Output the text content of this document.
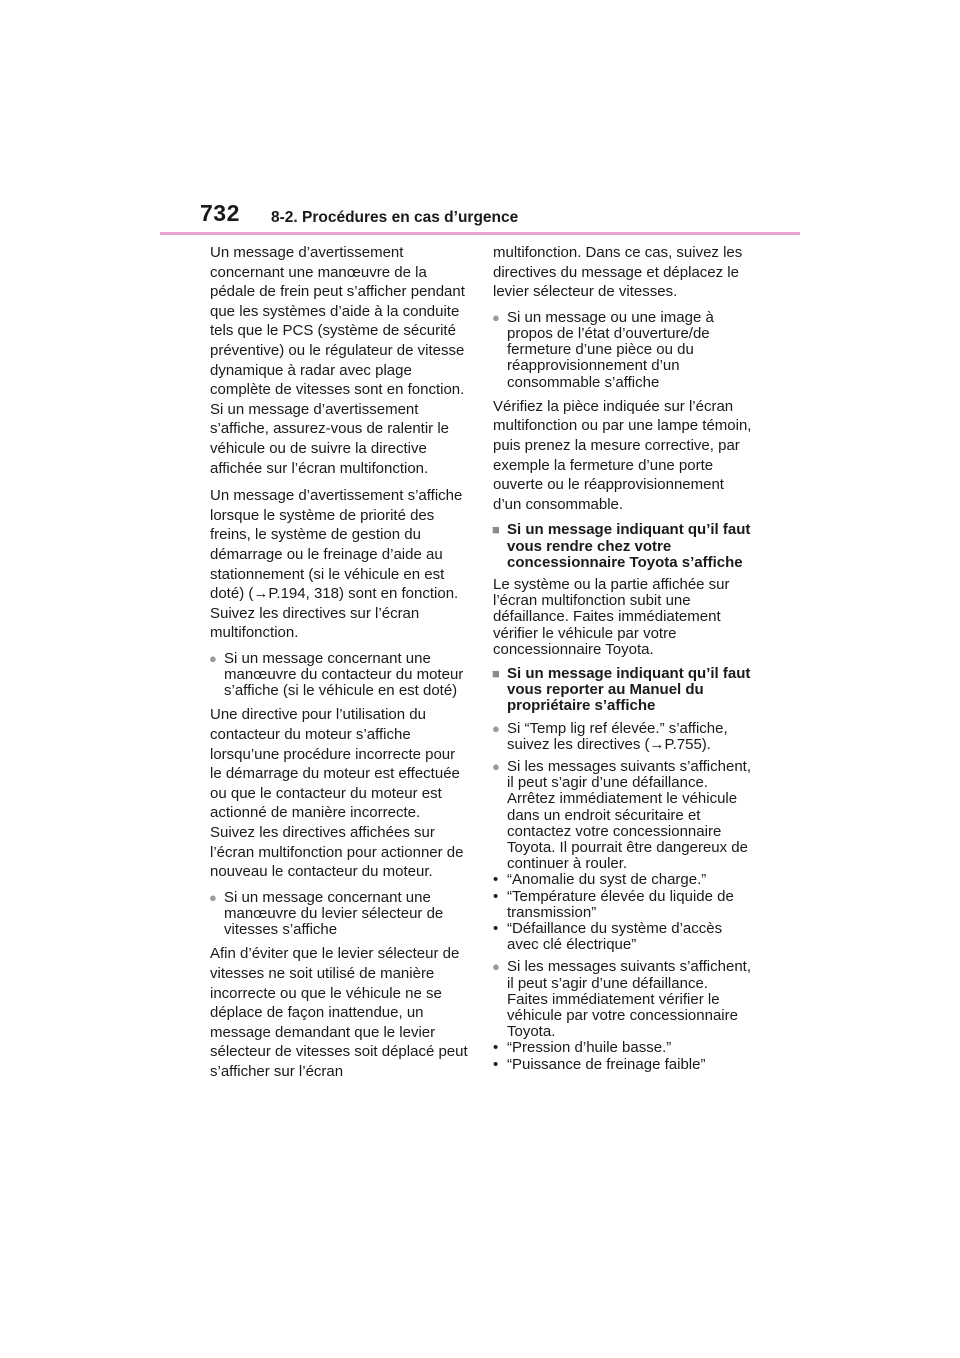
732 8-2. Procédures en cas d’urgence

Un message d’avertissement concernant une manœuvre de la pédale de frein peut s’afficher pendant que les systèmes d’aide à la conduite tels que le PCS (système de sécurité préventive) ou le régulateur de vitesse dynamique à radar avec plage complète de vitesses sont en fonction. Si un message d’avertissement s’affiche, assurez-vous de ralentir le véhicule ou de suivre la directive affichée sur l’écran multifonction.

Un message d’avertissement s’affiche lorsque le système de priorité des freins, le système de gestion du démarrage ou le freinage d’aide au stationnement (si le véhicule en est doté) (→P.194, 318) sont en fonction. Suivez les directives sur l’écran multifonction.

● Si un message concernant une manœuvre du contacteur du moteur s’affiche (si le véhicule en est doté)

Une directive pour l’utilisation du contacteur du moteur s’affiche lorsqu’une procédure incorrecte pour le démarrage du moteur est effectuée ou que le contacteur du moteur est actionné de manière incorrecte. Suivez les directives affichées sur l’écran multifonction pour actionner de nouveau le contacteur du moteur.

● Si un message concernant une manœuvre du levier sélecteur de vitesses s’affiche

Afin d’éviter que le levier sélecteur de vitesses ne soit utilisé de manière incorrecte ou que le véhicule ne se déplace de façon inattendue, un message demandant que le levier sélecteur de vitesses soit déplacé peut s’afficher sur l’écran

multifonction. Dans ce cas, suivez les directives du message et déplacez le levier sélecteur de vitesses.

● Si un message ou une image à propos de l’état d’ouverture/de fermeture d’une pièce ou du réapprovisionnement d’un consommable s’affiche

Vérifiez la pièce indiquée sur l’écran multifonction ou par une lampe témoin, puis prenez la mesure corrective, par exemple la fermeture d’une porte ouverte ou le réapprovisionnement d’un consommable.

■ Si un message indiquant qu’il faut vous rendre chez votre concessionnaire Toyota s’affiche

Le système ou la partie affichée sur l’écran multifonction subit une défaillance. Faites immédiatement vérifier le véhicule par votre concessionnaire Toyota.

■ Si un message indiquant qu’il faut vous reporter au Manuel du propriétaire s’affiche

● Si “Temp lig ref élevée.” s’affiche, suivez les directives (→P.755).

● Si les messages suivants s’affichent, il peut s’agir d’une défaillance.
Arrêtez immédiatement le véhicule dans un endroit sécuritaire et contactez votre concessionnaire Toyota. Il pourrait être dangereux de continuer à rouler.
• “Anomalie du syst de charge.”
• “Température élevée du liquide de transmission”
• “Défaillance du système d’accès avec clé électrique”
● Si les messages suivants s’affichent, il peut s’agir d’une défaillance.
Faites immédiatement vérifier le véhicule par votre concessionnaire Toyota.
• “Pression d’huile basse.”
• “Puissance de freinage faible”
